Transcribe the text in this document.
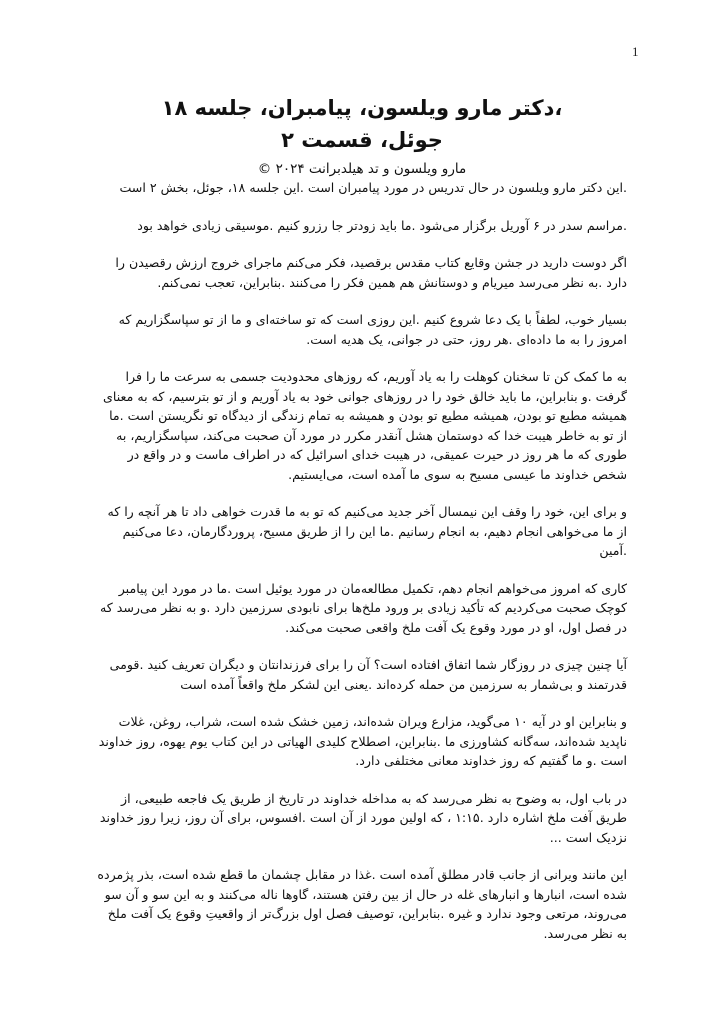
1

،دکتر مارو ویلسون، پیامبران، جلسه ۱۸

جوئل، قسمت ۲

مارو ویلسون و تد هیلدبرانت ۲۰۲۴ ©

.این دکتر مارو ویلسون در حال تدریس در مورد پیامبران است .این جلسه ۱۸، جوئل، بخش ۲ است

.مراسم سدر در ۶ آوریل برگزار می‌شود .ما باید زودتر جا رزرو کنیم .موسیقی زیادی خواهد بود

اگر دوست دارید در جشن وقایع کتاب مقدس برقصید، فکر می‌کنم ماجرای خروج ارزش رقصیدن را دارد .به نظر می‌رسد میریام و دوستانش هم همین فکر را می‌کنند .بنابراین، تعجب نمی‌کنم.

بسیار خوب، لطفاً با یک دعا شروع کنیم .این روزی است که تو ساخته‌ای و ما از تو سپاسگزاریم که امروز را به ما داده‌ای .هر روز، حتی در جوانی، یک هدیه است.

به ما کمک کن تا سخنان کوهلت را به یاد آوریم، که روزهای محدودیت جسمی به سرعت ما را فرا گرفت .و بنابراین، ما باید خالق خود را در روزهای جوانی خود به یاد آوریم و از تو بترسیم، که به معنای همیشه مطیع تو بودن، همیشه مطیع تو بودن و همیشه به تمام زندگی از دیدگاه تو نگریستن است .ما از تو به خاطر هیبت خدا که دوستمان هشل آنقدر مکرر در مورد آن صحبت می‌کند، سپاسگزاریم، به طوری که ما هر روز در حیرت عمیقی، در هیبت خدای اسرائیل که در اطراف ماست و در واقع در شخص خداوند ما عیسی مسیح به سوی ما آمده است، می‌ایستیم.

و برای این، خود را وقف این نیمسال آخر جدید می‌کنیم که تو به ما قدرت خواهی داد تا هر آنچه را که از ما می‌خواهی انجام دهیم، به انجام رسانیم .ما این را از طریق مسیح، پروردگارمان، دعا می‌کنیم .آمین

کاری که امروز می‌خواهم انجام دهم، تکمیل مطالعه‌مان در مورد یوئیل است .ما در مورد این پیامبر کوچک صحبت می‌کردیم که تأکید زیادی بر ورود ملخ‌ها برای نابودی سرزمین دارد .و به نظر می‌رسد که در فصل اول، او در مورد وقوع یک آفت ملخ واقعی صحبت می‌کند.

آیا چنین چیزی در روزگار شما اتفاق افتاده است؟ آن را برای فرزندانتان و دیگران تعریف کنید .قومی قدرتمند و بی‌شمار به سرزمین من حمله کرده‌اند .یعنی این لشکر ملخ واقعاً آمده است

و بنابراین او در آیه ۱۰ می‌گوید، مزارع ویران شده‌اند، زمین خشک شده است، شراب، روغن، غلات ناپدید شده‌اند، سه‌گانه کشاورزی ما .بنابراین، اصطلاح کلیدی الهیاتی در این کتاب یوم یهوه، روز خداوند است .و ما گفتیم که روز خداوند معانی مختلفی دارد.

در باب اول، به وضوح به نظر می‌رسد که به مداخله خداوند در تاریخ از طریق یک فاجعه طبیعی، از طریق آفت ملخ اشاره دارد .۱:۱۵ ، که اولین مورد از آن است .افسوس، برای آن روز، زیرا روز خداوند نزدیک است ...

این مانند ویرانی از جانب قادر مطلق آمده است .غذا در مقابل چشمان ما قطع شده است، بذر پژمرده شده است، انبارها و انبارهای غله در حال از بین رفتن هستند، گاوها ناله می‌کنند و به این سو و آن سو می‌روند، مرتعی وجود ندارد و غیره .بنابراین، توصیف فصل اول بزرگ‌تر از واقعیتِ وقوع یک آفت ملخ به نظر می‌رسد.
